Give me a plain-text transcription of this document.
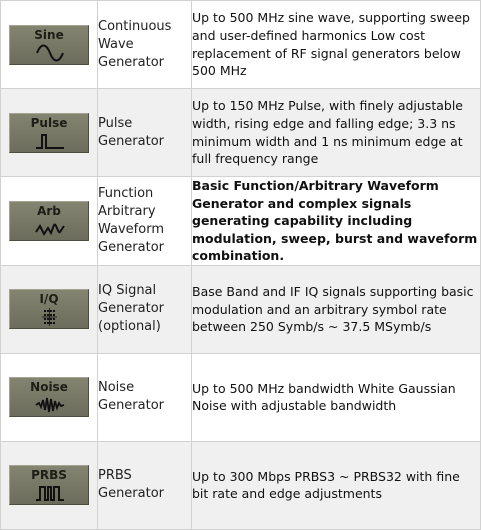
Sine	Continuous Wave Generator	Up to 500 MHz sine wave, supporting sweep and user-defined harmonics Low cost replacement of RF signal generators below 500 MHz

Pulse	Pulse Generator	Up to 150 MHz Pulse, with finely adjustable width, rising edge and falling edge; 3.3 ns minimum width and 1 ns minimum edge at full frequency range

Arb	Function Arbitrary Waveform Generator	Basic Function/Arbitrary Waveform Generator and complex signals generating capability including modulation, sweep, burst and waveform combination.

I/Q	IQ Signal Generator (optional)	Base Band and IF IQ signals supporting basic modulation and an arbitrary symbol rate between 250 Symb/s ~ 37.5 MSymb/s

Noise	Noise Generator	Up to 500 MHz bandwidth White Gaussian Noise with adjustable bandwidth

PRBS	PRBS Generator	Up to 300 Mbps PRBS3 ~ PRBS32 with fine bit rate and edge adjustments
